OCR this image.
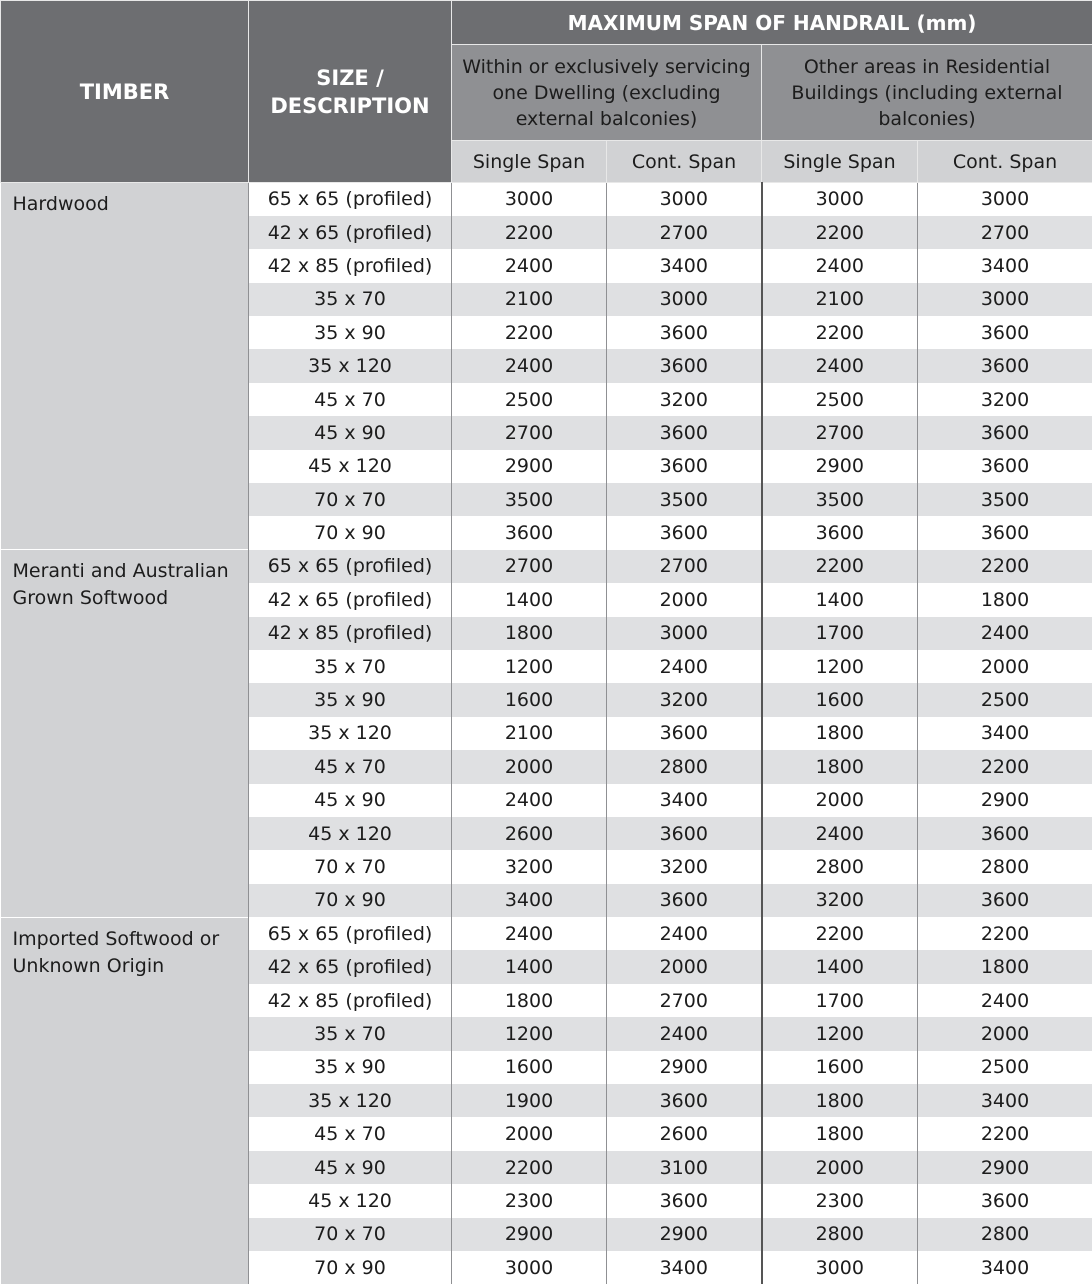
TIMBER	SIZE / DESCRIPTION	MAXIMUM SPAN OF HANDRAIL (mm)			
		Within or exclusively servicing one Dwelling (excluding external balconies)		Other areas in Residential Buildings (including external balconies)	
		Single Span	Cont. Span	Single Span	Cont. Span
Hardwood	65 x 65 (profiled)	3000	3000	3000	3000
	42 x 65 (profiled)	2200	2700	2200	2700
	42 x 85 (profiled)	2400	3400	2400	3400
	35 x 70	2100	3000	2100	3000
	35 x 90	2200	3600	2200	3600
	35 x 120	2400	3600	2400	3600
	45 x 70	2500	3200	2500	3200
	45 x 90	2700	3600	2700	3600
	45 x 120	2900	3600	2900	3600
	70 x 70	3500	3500	3500	3500
	70 x 90	3600	3600	3600	3600
Meranti and Australian Grown Softwood	65 x 65 (profiled)	2700	2700	2200	2200
	42 x 65 (profiled)	1400	2000	1400	1800
	42 x 85 (profiled)	1800	3000	1700	2400
	35 x 70	1200	2400	1200	2000
	35 x 90	1600	3200	1600	2500
	35 x 120	2100	3600	1800	3400
	45 x 70	2000	2800	1800	2200
	45 x 90	2400	3400	2000	2900
	45 x 120	2600	3600	2400	3600
	70 x 70	3200	3200	2800	2800
	70 x 90	3400	3600	3200	3600
Imported Softwood or Unknown Origin	65 x 65 (profiled)	2400	2400	2200	2200
	42 x 65 (profiled)	1400	2000	1400	1800
	42 x 85 (profiled)	1800	2700	1700	2400
	35 x 70	1200	2400	1200	2000
	35 x 90	1600	2900	1600	2500
	35 x 120	1900	3600	1800	3400
	45 x 70	2000	2600	1800	2200
	45 x 90	2200	3100	2000	2900
	45 x 120	2300	3600	2300	3600
	70 x 70	2900	2900	2800	2800
	70 x 90	3000	3400	3000	3400
